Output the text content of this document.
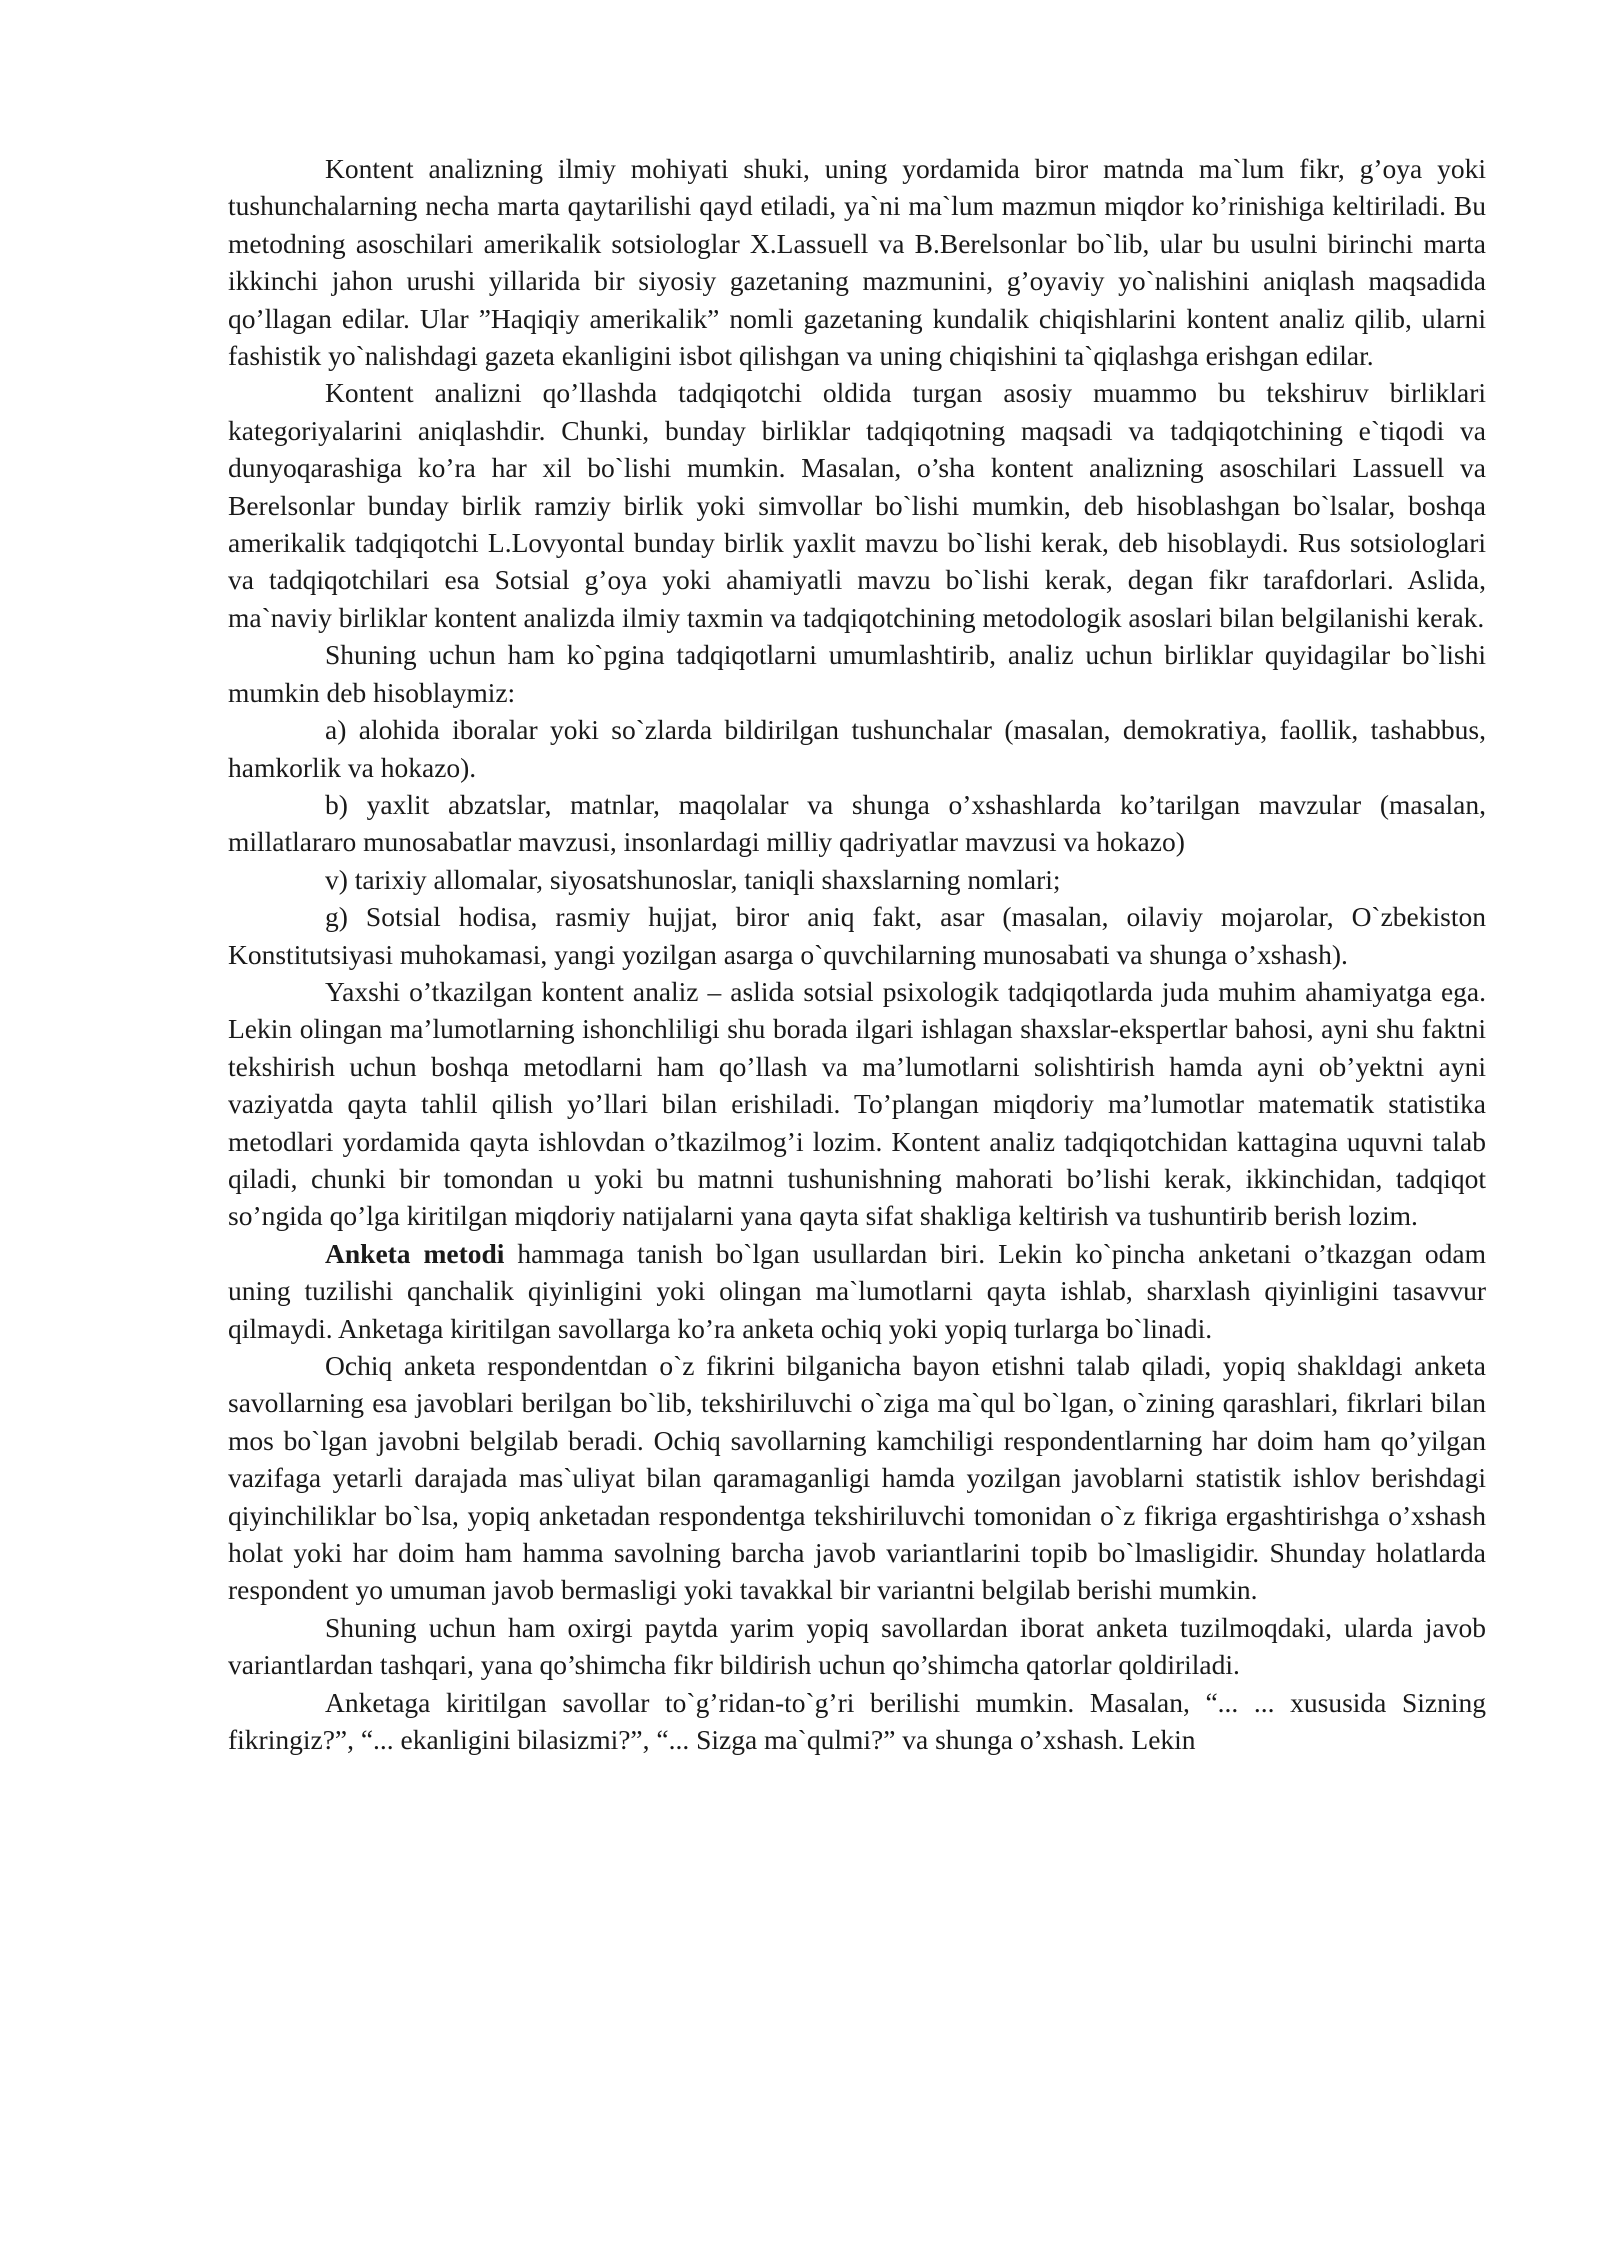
Kontent analizning ilmiy mohiyati shuki, uning yordamida biror matnda ma`lum fikr, g’oya yoki tushunchalarning necha marta qaytarilishi qayd etiladi, ya`ni ma`lum mazmun miqdor ko’rinishiga keltiriladi. Bu metodning asoschilari amerikalik sotsiologlar X.Lassuell va B.Berelsonlar bo`lib, ular bu usulni birinchi marta ikkinchi jahon urushi yillarida bir siyosiy gazetaning mazmunini, g’oyaviy yo`nalishini aniqlash maqsadida qo’llagan edilar. Ular ”Haqiqiy amerikalik” nomli gazetaning kundalik chiqishlarini kontent analiz qilib, ularni fashistik yo`nalishdagi gazeta ekanligini isbot qilishgan va uning chiqishini ta`qiqlashga erishgan edilar.

Kontent analizni qo’llashda tadqiqotchi oldida turgan asosiy muammo bu tekshiruv birliklari kategoriyalarini aniqlashdir. Chunki, bunday birliklar tadqiqotning maqsadi va tadqiqotchining e`tiqodi va dunyoqarashiga ko’ra har xil bo`lishi mumkin. Masalan, o’sha kontent analizning asoschilari Lassuell va Berelsonlar bunday birlik ramziy birlik yoki simvollar bo`lishi mumkin, deb hisoblashgan bo`lsalar, boshqa amerikalik tadqiqotchi L.Lovyontal bunday birlik yaxlit mavzu bo`lishi kerak, deb hisoblaydi. Rus sotsiologlari va tadqiqotchilari esa Sotsial g’oya yoki ahamiyatli mavzu bo`lishi kerak, degan fikr tarafdorlari. Aslida, ma`naviy birliklar kontent analizda ilmiy taxmin va tadqiqotchining metodologik asoslari bilan belgilanishi kerak.

Shuning uchun ham ko`pgina tadqiqotlarni umumlashtirib, analiz uchun birliklar quyidagilar bo`lishi mumkin deb hisoblaymiz:

a) alohida iboralar yoki so`zlarda bildirilgan tushunchalar (masalan, demokratiya, faollik, tashabbus, hamkorlik va hokazo).

b) yaxlit abzatslar, matnlar, maqolalar va shunga o’xshashlarda ko’tarilgan mavzular (masalan, millatlararo munosabatlar mavzusi, insonlardagi milliy qadriyatlar mavzusi va hokazo)

v) tarixiy allomalar, siyosatshunoslar, taniqli shaxslarning nomlari;

g) Sotsial hodisa, rasmiy hujjat, biror aniq fakt, asar (masalan, oilaviy mojarolar, O`zbekiston Konstitutsiyasi muhokamasi, yangi yozilgan asarga o`quvchilarning munosabati va shunga o’xshash).

Yaxshi o’tkazilgan kontent analiz – aslida sotsial psixologik tadqiqotlarda juda muhim ahamiyatga ega. Lekin olingan ma’lumotlarning ishonchliligi shu borada ilgari ishlagan shaxslar-ekspertlar bahosi, ayni shu faktni tekshirish uchun boshqa metodlarni ham qo’llash va ma’lumotlarni solishtirish hamda ayni ob’yektni ayni vaziyatda qayta tahlil qilish yo’llari bilan erishiladi. To’plangan miqdoriy ma’lumotlar matematik statistika metodlari yordamida qayta ishlovdan o’tkazilmog’i lozim. Kontent analiz tadqiqotchidan kattagina uquvni talab qiladi, chunki bir tomondan u yoki bu matnni tushunishning mahorati bo’lishi kerak, ikkinchidan, tadqiqot so’ngida qo’lga kiritilgan miqdoriy natijalarni yana qayta sifat shakliga keltirish va tushuntirib berish lozim.

Anketa metodi hammaga tanish bo`lgan usullardan biri. Lekin ko`pincha anketani o’tkazgan odam uning tuzilishi qanchalik qiyinligini yoki olingan ma`lumotlarni qayta ishlab, sharxlash qiyinligini tasavvur qilmaydi. Anketaga kiritilgan savollarga ko’ra anketa ochiq yoki yopiq turlarga bo`linadi.

Ochiq anketa respondentdan o`z fikrini bilganicha bayon etishni talab qiladi, yopiq shakldagi anketa savollarning esa javoblari berilgan bo`lib, tekshiriluvchi o`ziga ma`qul bo`lgan, o`zining qarashlari, fikrlari bilan mos bo`lgan javobni belgilab beradi. Ochiq savollarning kamchiligi respondentlarning har doim ham qo’yilgan vazifaga yetarli darajada mas`uliyat bilan qaramaganligi hamda yozilgan javoblarni statistik ishlov berishdagi qiyinchiliklar bo`lsa, yopiq anketadan respondentga tekshiriluvchi tomonidan o`z fikriga ergashtirishga o’xshash holat yoki har doim ham hamma savolning barcha javob variantlarini topib bo`lmasligidir. Shunday holatlarda respondent yo umuman javob bermasligi yoki tavakkal bir variantni belgilab berishi mumkin.

Shuning uchun ham oxirgi paytda yarim yopiq savollardan iborat anketa tuzilmoqdaki, ularda javob variantlardan tashqari, yana qo’shimcha fikr bildirish uchun qo’shimcha qatorlar qoldiriladi.

Anketaga kiritilgan savollar to`g’ridan-to`g’ri berilishi mumkin. Masalan, “... ... xususida Sizning fikringiz?”, “... ekanligini bilasizmi?”, “... Sizga ma`qulmi?” va shunga o’xshash. Lekin
